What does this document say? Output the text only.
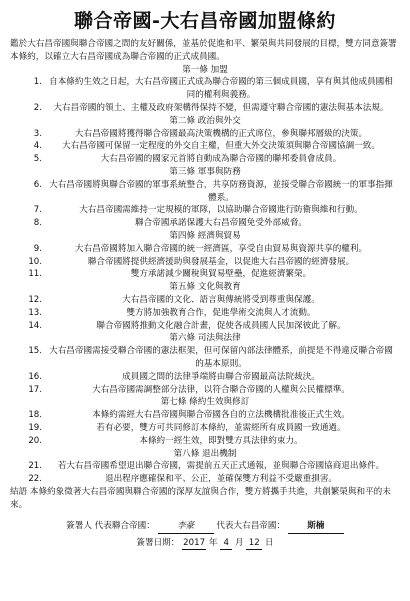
聯合帝國-大右昌帝國加盟條約
鑑於大右昌帝國與聯合帝國之間的友好關係，並基於促進和平、繁榮與共同發展的目標，雙方同意簽署本條約，以確立大右昌帝國成為聯合帝國的正式成員國。
第一條 加盟
1. 自本條約生效之日起，大右昌帝國正式成為聯合帝國的第三個成員國，享有與其他成員國相同的權利與義務。
2.	大右昌帝國的領土、主權及政府架構得保持不變，但需遵守聯合帝國的憲法與基本法規。
第二條 政治與外交
3.	大右昌帝國將獲得聯合帝國最高決策機構的正式席位，參與聯邦層級的決策。
4.	大右昌帝國可保留一定程度的外交自主權，但重大外交決策須與聯合帝國協調一致。
5.	大右昌帝國的國家元首將自動成為聯合帝國的聯邦委員會成員。
第三條 軍事與防務
6. 大右昌帝國將與聯合帝國的軍事系統整合，共享防務資源，並接受聯合帝國統一的軍事指揮體系。
7.	大右昌帝國需維持一定規模的軍隊，以協助聯合帝國進行防衛與維和行動。
8.	聯合帝國承諾保護大右昌帝國免受外部威脅。
第四條 經濟與貿易
9.	大右昌帝國將加入聯合帝國的統一經濟區，享受自由貿易與資源共享的權利。
10.	聯合帝國將提供經濟援助與發展基金，以促進大右昌帝國的經濟發展。
11.	雙方承諾減少關稅與貿易壁壘，促進經濟繁榮。
第五條 文化與教育
12.	大右昌帝國的文化、語言與傳統將受到尊重與保護。
13.	雙方將加強教育合作，促進學術交流與人才流動。
14.	聯合帝國將推動文化融合計畫，促使各成員國人民加深彼此了解。
第六條 司法與法律
15. 大右昌帝國需接受聯合帝國的憲法框架，但可保留內部法律體系，前提是不得違反聯合帝國的基本原則。
16.	成員國之間的法律爭端將由聯合帝國最高法院裁決。
17.	大右昌帝國需調整部分法律，以符合聯合帝國的人權與公民權標準。
第七條 條約生效與修訂
18.	本條約需經大右昌帝國與聯合帝國各自的立法機構批准後正式生效。
19.	若有必要，雙方可共同修訂本條約，並需經所有成員國一致通過。
20.	本條約一經生效，即對雙方具法律約束力。
第八條 退出機制
21.	若大右昌帝國希望退出聯合帝國，需提前五天正式通報，並與聯合帝國協商退出條件。
22.	退出程序應確保和平、公正，並確保雙方利益不受嚴重損害。
結語 本條約象徵著大右昌帝國與聯合帝國的深厚友誼與合作，雙方將攜手共進，共創繁榮與和平的未來。
簽署人 代表聯合帝國：	李豪	代表大右昌帝國：	斯楠
簽署日期： 2017 年 4 月 12 日
